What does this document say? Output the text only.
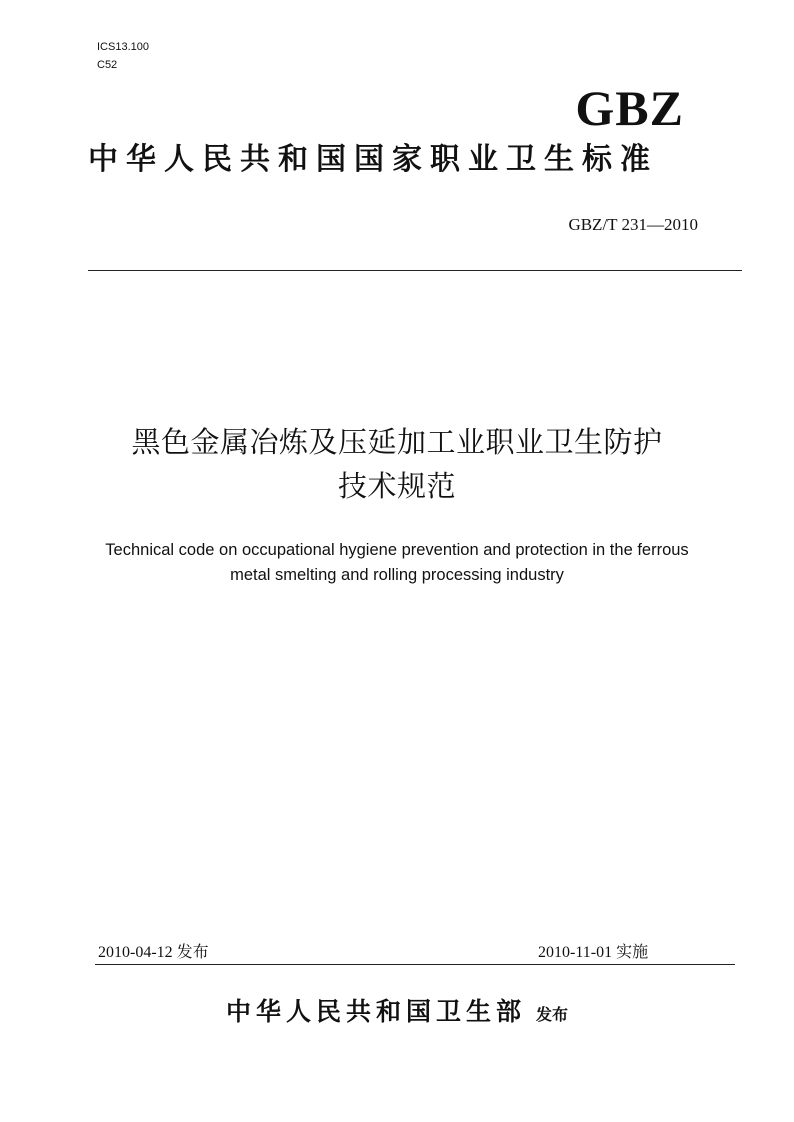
ICS13.100
C52
GBZ
中华人民共和国国家职业卫生标准
GBZ/T 231—2010
黑色金属冶炼及压延加工业职业卫生防护
技术规范
Technical code on occupational hygiene prevention and protection in the ferrous
metal smelting and rolling processing industry
2010-04-12 发布	2010-11-01 实施
中华人民共和国卫生部 发布
